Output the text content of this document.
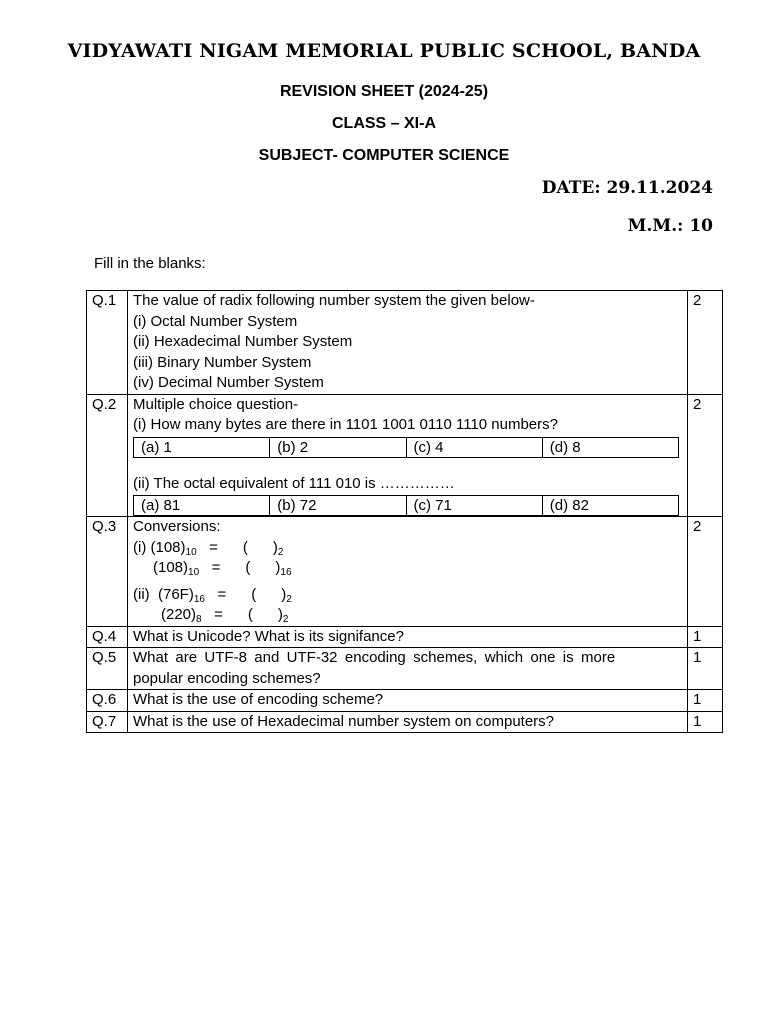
VIDYAWATI NIGAM MEMORIAL PUBLIC SCHOOL, BANDA
REVISION SHEET (2024-25)
CLASS – XI-A
SUBJECT- COMPUTER SCIENCE
DATE: 29.11.2024
M.M.: 10
Fill in the blanks:
Q.1	The value of radix following number system the given below-
(i) Octal Number System
(ii) Hexadecimal Number System
(iii) Binary Number System
(iv) Decimal Number System
	2
Q.2	Multiple choice question-
(i) How many bytes are there in 1101 1001 0110 1110 numbers?
(a) 1	(b) 2	(c) 4	(d) 8
(ii) The octal equivalent of 111 010 is ……………
(a) 81	(b) 72	(c) 71	(d) 82
	2
Q.3	Conversions:
(i) $(108)_{10}$   =      (      )$_2$
$(108)_{10}$   =      (      )$_{16}$
(ii)  $(76F)_{16}$   =      (      )$_2$
$(220)_8$   =      (      )$_2$
	2
Q.4	What is Unicode? What is its signifance?	1
Q.5	What are UTF-8 and UTF-32 encoding schemes, which one is more
popular encoding schemes?
	1
Q.6	What is the use of encoding scheme?	1
Q.7	What is the use of Hexadecimal number system on computers?	1
